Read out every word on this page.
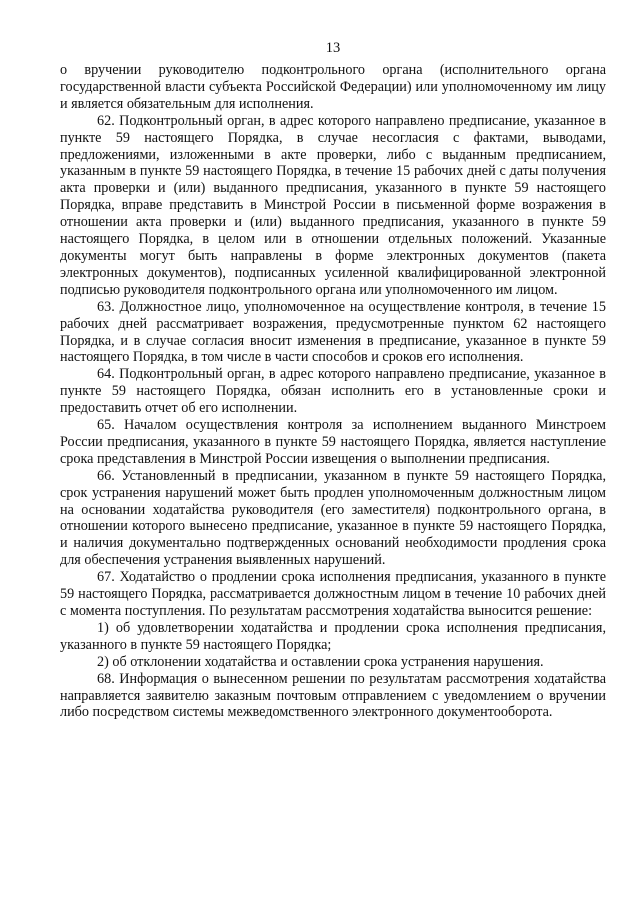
13

о вручении руководителю подконтрольного органа (исполнительного органа государственной власти субъекта Российской Федерации) или уполномоченному им лицу и является обязательным для исполнения.

62. Подконтрольный орган, в адрес которого направлено предписание, указанное в пункте 59 настоящего Порядка, в случае несогласия с фактами, выводами, предложениями, изложенными в акте проверки, либо с выданным предписанием, указанным в пункте 59 настоящего Порядка, в течение 15 рабочих дней с даты получения акта проверки и (или) выданного предписания, указанного в пункте 59 настоящего Порядка, вправе представить в Минстрой России в письменной форме возражения в отношении акта проверки и (или) выданного предписания, указанного в пункте 59 настоящего Порядка, в целом или в отношении отдельных положений. Указанные документы могут быть направлены в форме электронных документов (пакета электронных документов), подписанных усиленной квалифицированной электронной подписью руководителя подконтрольного органа или уполномоченного им лицом.

63. Должностное лицо, уполномоченное на осуществление контроля, в течение 15 рабочих дней рассматривает возражения, предусмотренные пунктом 62 настоящего Порядка, и в случае согласия вносит изменения в предписание, указанное в пункте 59 настоящего Порядка, в том числе в части способов и сроков его исполнения.

64. Подконтрольный орган, в адрес которого направлено предписание, указанное в пункте 59 настоящего Порядка, обязан исполнить его в установленные сроки и предоставить отчет об его исполнении.

65. Началом осуществления контроля за исполнением выданного Минстроем России предписания, указанного в пункте 59 настоящего Порядка, является наступление срока представления в Минстрой России извещения о выполнении предписания.

66. Установленный в предписании, указанном в пункте 59 настоящего Порядка, срок устранения нарушений может быть продлен уполномоченным должностным лицом на основании ходатайства руководителя (его заместителя) подконтрольного органа, в отношении которого вынесено предписание, указанное в пункте 59 настоящего Порядка, и наличия документально подтвержденных оснований необходимости продления срока для обеспечения устранения выявленных нарушений.

67. Ходатайство о продлении срока исполнения предписания, указанного в пункте 59 настоящего Порядка, рассматривается должностным лицом в течение 10 рабочих дней с момента поступления. По результатам рассмотрения ходатайства выносится решение:

1) об удовлетворении ходатайства и продлении срока исполнения предписания, указанного в пункте 59 настоящего Порядка;

2) об отклонении ходатайства и оставлении срока устранения нарушения.

68. Информация о вынесенном решении по результатам рассмотрения ходатайства направляется заявителю заказным почтовым отправлением с уведомлением о вручении либо посредством системы межведомственного электронного документооборота.
